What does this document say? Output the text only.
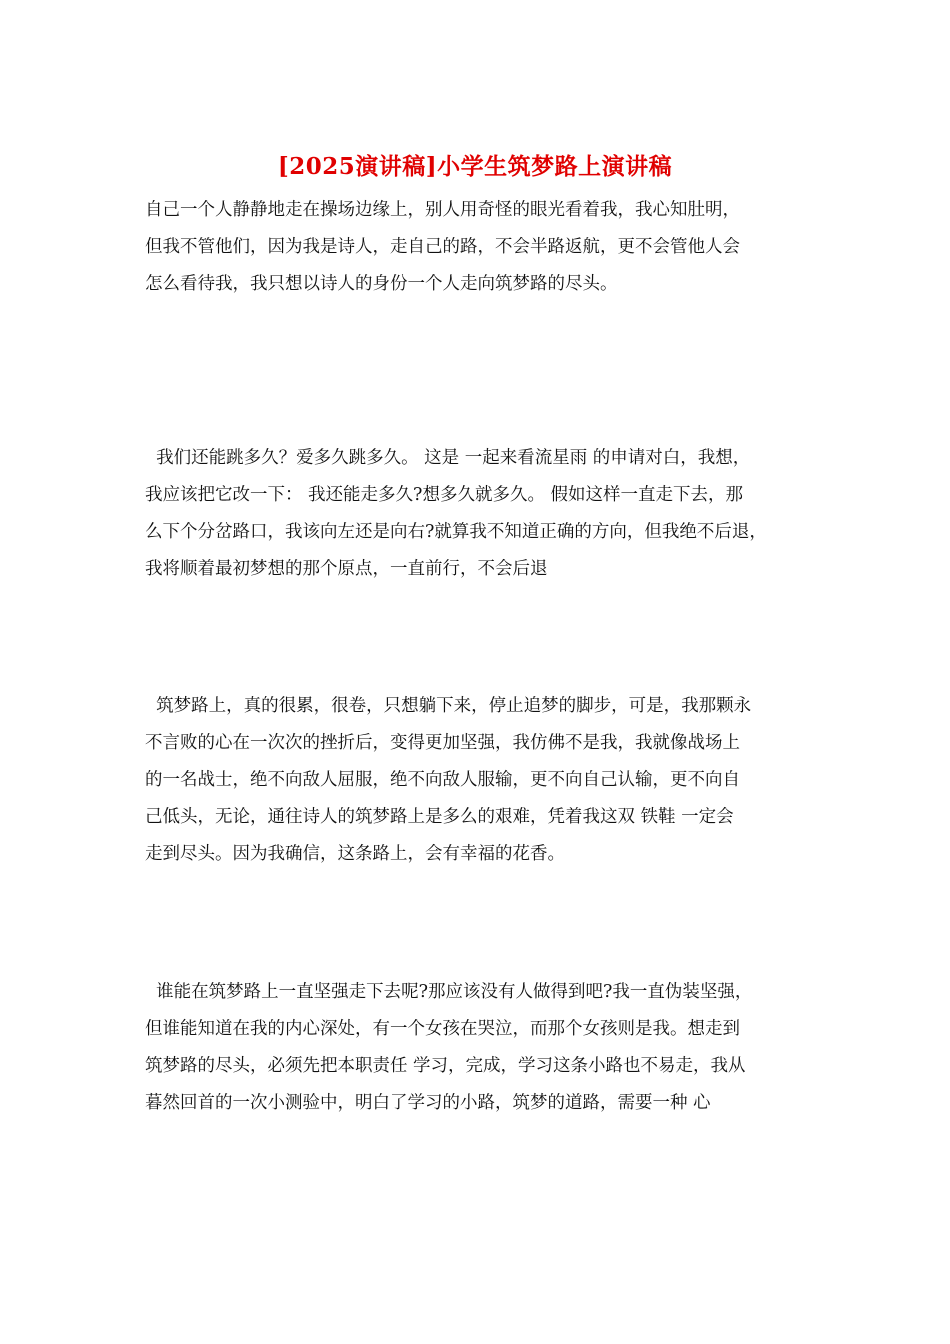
[2025演讲稿]小学生筑梦路上演讲稿
自己一个人静静地走在操场边缘上，别人用奇怪的眼光看着我，我心知肚明，
但我不管他们，因为我是诗人，走自己的路，不会半路返航，更不会管他人会
怎么看待我，我只想以诗人的身份一个人走向筑梦路的尽头。
我们还能跳多久？爱多久跳多久。 这是 一起来看流星雨 的申请对白，我想，
我应该把它改一下： 我还能走多久?想多久就多久。 假如这样一直走下去，那
么下个分岔路口，我该向左还是向右?就算我不知道正确的方向，但我绝不后退，
我将顺着最初梦想的那个原点，一直前行，不会后退
筑梦路上，真的很累，很卷，只想躺下来，停止追梦的脚步，可是，我那颗永
不言败的心在一次次的挫折后，变得更加坚强，我仿佛不是我，我就像战场上
的一名战士，绝不向敌人屈服，绝不向敌人服输，更不向自己认输，更不向自
己低头，无论，通往诗人的筑梦路上是多么的艰难，凭着我这双 铁鞋 一定会
走到尽头。因为我确信，这条路上，会有幸福的花香。
谁能在筑梦路上一直坚强走下去呢?那应该没有人做得到吧?我一直伪装坚强，
但谁能知道在我的内心深处，有一个女孩在哭泣，而那个女孩则是我。想走到
筑梦路的尽头，必须先把本职责任 学习，完成，学习这条小路也不易走，我从
暮然回首的一次小测验中，明白了学习的小路，筑梦的道路，需要一种 心
